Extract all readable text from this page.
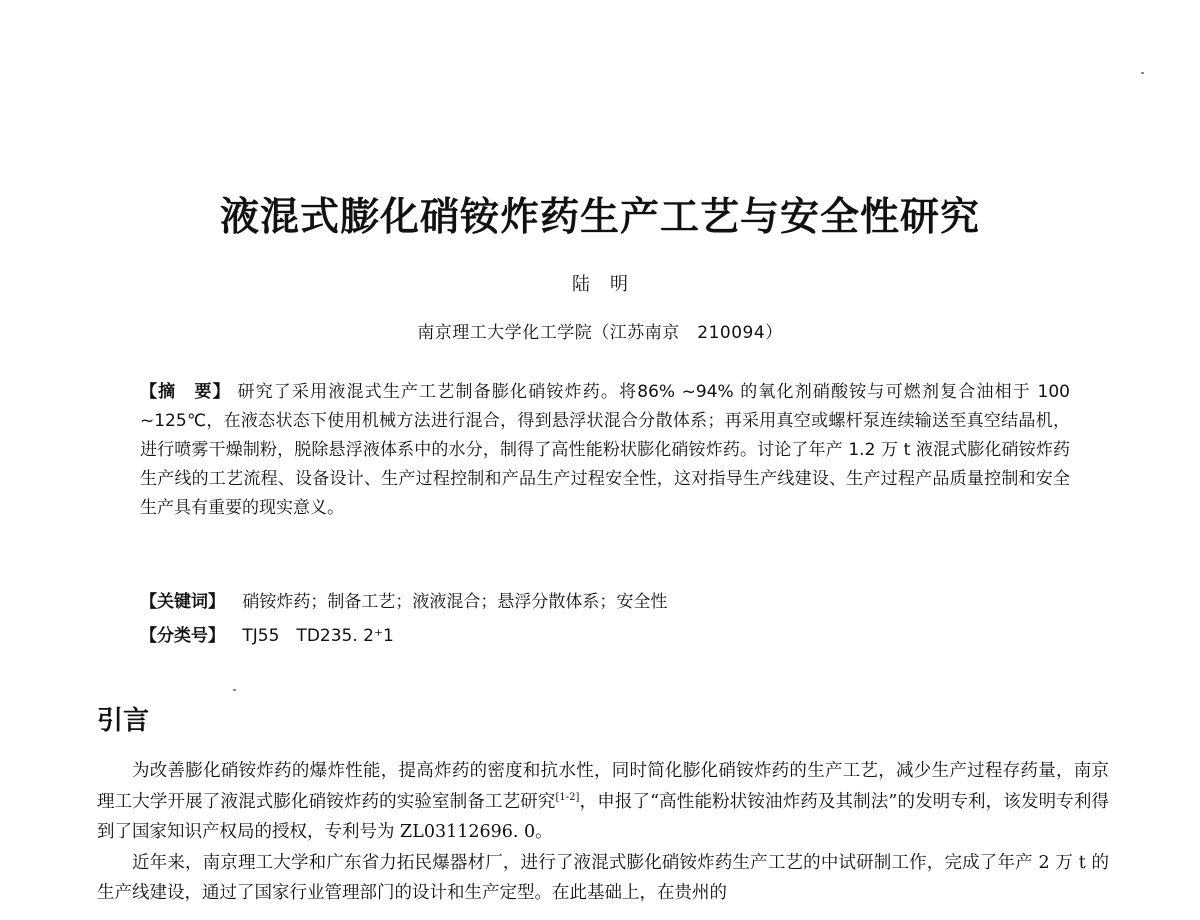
液混式膨化硝铵炸药生产工艺与安全性研究
陆明
南京理工大学化工学院（江苏南京　210094）
【摘　要】 研究了采用液混式生产工艺制备膨化硝铵炸药。将86% ~94% 的氧化剂硝酸铵与可燃剂复合油相于 100 ~125℃，在液态状态下使用机械方法进行混合，得到悬浮状混合分散体系；再采用真空或螺杆泵连续输送至真空结晶机，进行喷雾干燥制粉，脱除悬浮液体系中的水分，制得了高性能粉状膨化硝铵炸药。讨论了年产 1.2 万 t 液混式膨化硝铵炸药生产线的工艺流程、设备设计、生产过程控制和产品生产过程安全性，这对指导生产线建设、生产过程产品质量控制和安全生产具有重要的现实意义。
【关键词】 硝铵炸药；制备工艺；液液混合；悬浮分散体系；安全性
【分类号】 TJ55　TD235. 2⁺1
引言

为改善膨化硝铵炸药的爆炸性能，提高炸药的密度和抗水性，同时简化膨化硝铵炸药的生产工艺，减少生产过程存药量，南京理工大学开展了液混式膨化硝铵炸药的实验室制备工艺研究[1-2]，申报了“高性能粉状铵油炸药及其制法”的发明专利，该发明专利得到了国家知识产权局的授权，专利号为 ZL03112696. 0。

近年来，南京理工大学和广东省力拓民爆器材厂，进行了液混式膨化硝铵炸药生产工艺的中试研制工作，完成了年产 2 万 t 的生产线建设，通过了国家行业管理部门的设计和生产定型。在此基础上，在贵州的
